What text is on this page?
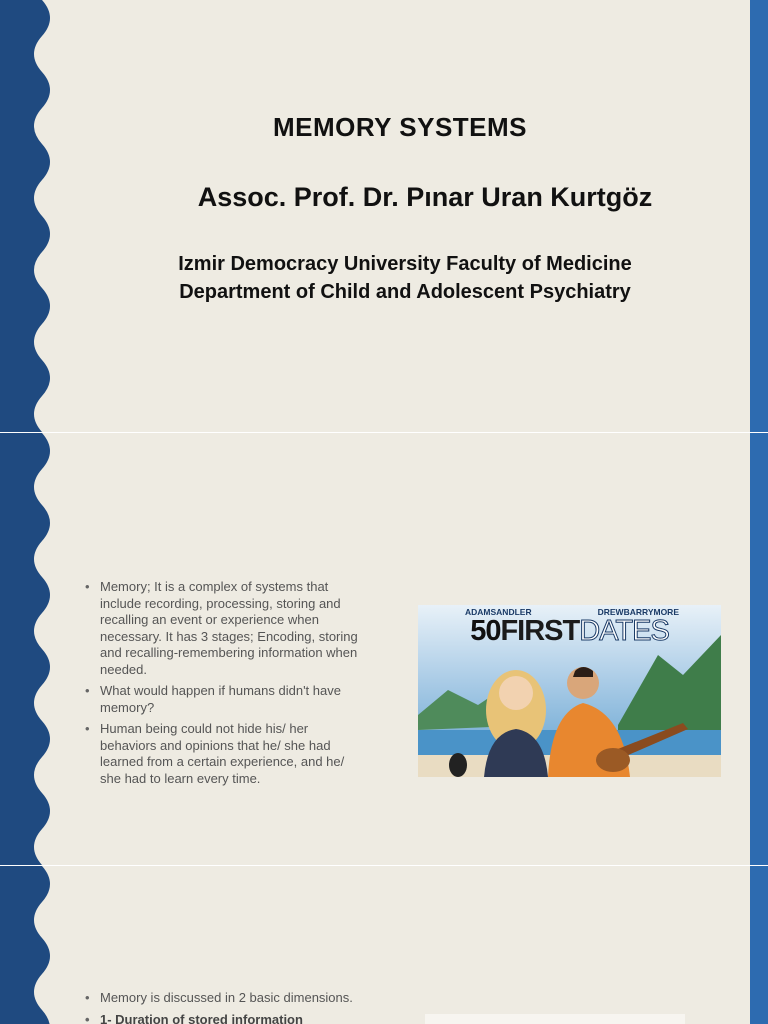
MEMORY SYSTEMS
Assoc. Prof. Dr. Pınar Uran Kurtgöz
Izmir Democracy University Faculty of Medicine
Department of Child and Adolescent Psychiatry
• Memory; It is a complex of systems that include recording, processing, storing and recalling an event or experience when necessary. It has 3 stages; Encoding, storing and recalling-remembering information when needed.
• What would happen if humans didn't have memory?
• Human being could not hide his/ her behaviors and opinions that he/ she had learned from a certain experience, and he/ she had to learn every time.
ADAMSANDLER	DREWBARRYMORE
50FIRSTDATES
• Memory is discussed in 2 basic dimensions.
• 1- Duration of stored information
